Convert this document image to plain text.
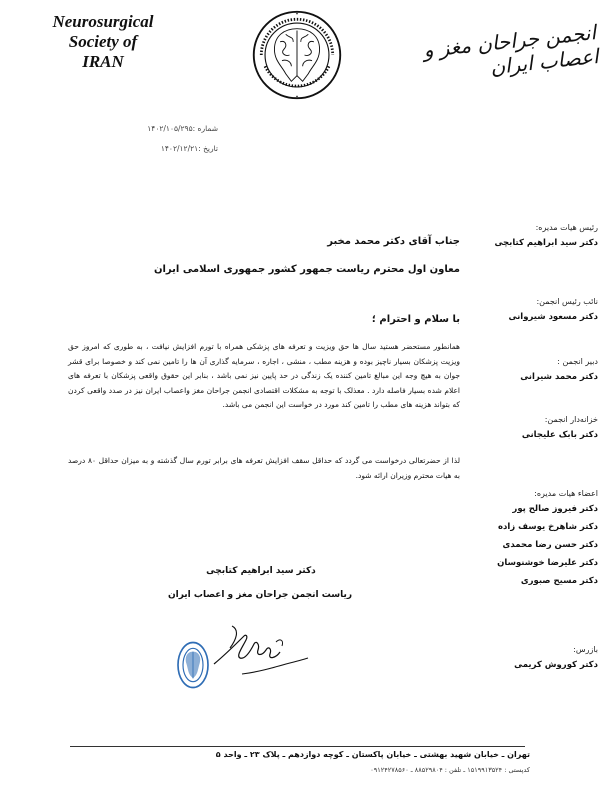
Neurosurgical
Society of
IRAN	انجمن جراحان مغز و اعصاب ایران
شماره :۱۴۰۲/۱۰۵/۲۹۵
تاریخ :۱۴۰۲/۱۲/۲۱
رئیس هیات مدیره:
دکتر سید ابراهیم کتابچی
نائب رئیس انجمن:
دکتر مسعود شیروانی
دبیر انجمن :
دکتر محمد شیرانی
خزانه‌دار انجمن:
دکتر بابک علیجانی
اعضاء هیات مدیره:
دکتر فیروز صالح پور
دکتر شاهرخ یوسف زاده
دکتر حسن رضا محمدی
دکتر علیرضا خوشنوسان
دکتر مسیح صبوری
بازرس:
دکتر کوروش کریمی
جناب آقای دکتر محمد مخبر
معاون اول محترم ریاست جمهور کشور جمهوری اسلامی ایران
با سلام و احترام ؛
همانطور مستحضر هستید سال ها حق ویزیت و تعرفه های پزشکی همراه با تورم افزایش نیافت ، به طوری که امروز حق ویزیت پزشکان بسیار ناچیز بوده و هزینه مطب ، منشی ، اجاره ، سرمایه گذاری آن ها را تامین نمی کند و خصوصا برای قشر جوان به هیچ وجه این مبالغ تامین کننده یک زندگی در حد پایین نیز نمی باشد ، بنابر این حقوق واقعی پزشکان با تعرفه های اعلام شده بسیار فاصله دارد . معذلک با توجه به مشکلات اقتصادی انجمن جراحان مغز واعصاب ایران نیز در صدد واقعی کردن که بتواند هزینه های مطب را تامین کند مورد در خواست این انجمن می باشد.
لذا از حضرتعالی درخواست می گردد که حداقل سقف افزایش تعرفه های برابر تورم سال گذشته و به میزان حداقل ۸۰ درصد به هیات محترم وزیران ارائه شود.
دکتر سید ابراهیم کتابچی
ریاست انجمن جراحان مغز و اعصاب ایران
تهران ـ خیابان شهید بهشتی ـ خیابان پاکستان ـ کوچه دوازدهم ـ پلاک ۲۳ ـ واحد ۵
کدپستی : ۱۵۱۹۹۱۳۵۲۴ ـ تلفن : ۸۸۵۲۹۸۰۴ ـ ۰۹۱۲۴۲۷۸۵۶۰
